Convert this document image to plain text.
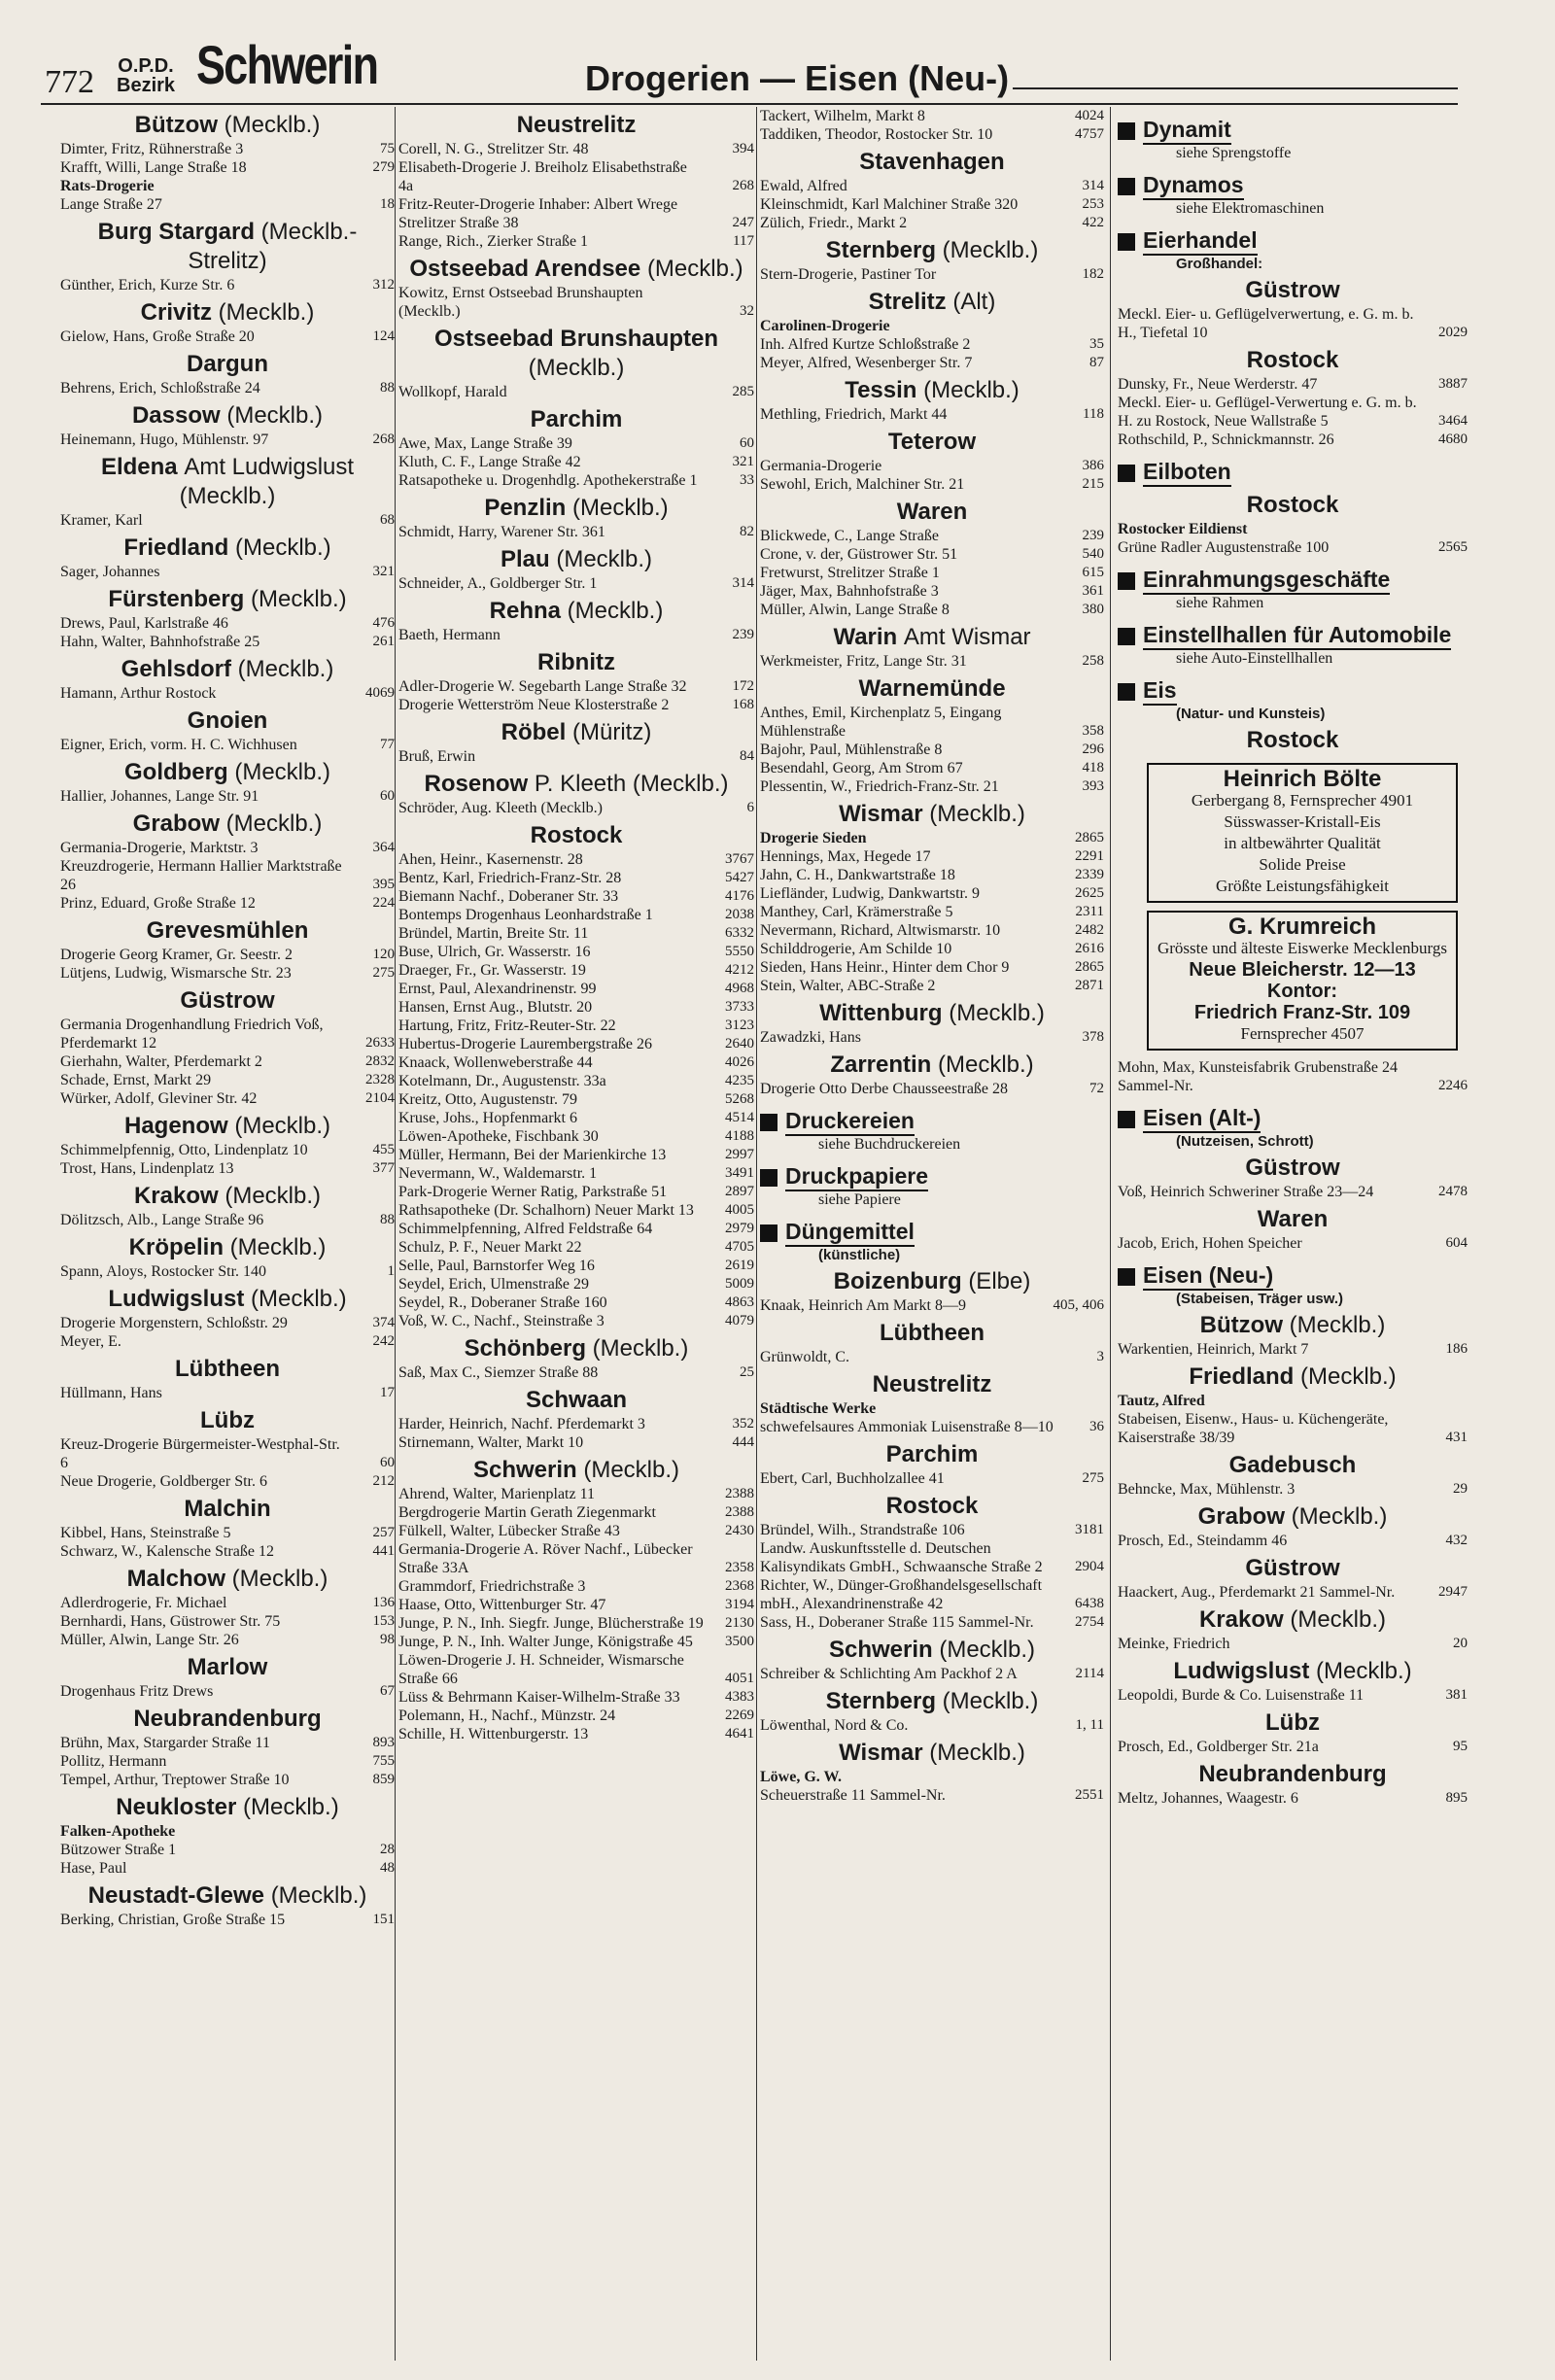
772 O.P.D.
Bezirk Schwerin	Drogerien — Eisen (Neu-)
Bützow (Mecklb.)
Dimter, Fritz, Rühnerstraße 3	75
Krafft, Willi, Lange Straße 18	279
Rats-Drogerie
Lange Straße 27	18
Burg Stargard (Mecklb.-Strelitz)
Günther, Erich, Kurze Str. 6	312
Crivitz (Mecklb.)
Gielow, Hans, Große Straße 20	124
Dargun
Behrens, Erich, Schloßstraße 24	88
Dassow (Mecklb.)
Heinemann, Hugo, Mühlenstr. 97	268
Eldena Amt Ludwigslust (Mecklb.)
Kramer, Karl	68
Friedland (Mecklb.)
Sager, Johannes	321
Fürstenberg (Mecklb.)
Drews, Paul, Karlstraße 46	476
Hahn, Walter, Bahnhofstraße 25	261
Gehlsdorf (Mecklb.)
Hamann, Arthur Rostock	4069
Gnoien
Eigner, Erich, vorm. H. C. Wichhusen	77
Goldberg (Mecklb.)
Hallier, Johannes, Lange Str. 91	60
Grabow (Mecklb.)
Germania-Drogerie, Marktstr. 3	364
Kreuzdrogerie, Hermann Hallier Marktstraße 26	395
Prinz, Eduard, Große Straße 12	224
Grevesmühlen
Drogerie Georg Kramer, Gr. Seestr. 2	120
Lütjens, Ludwig, Wismarsche Str. 23	275
Güstrow
Germania Drogenhandlung Friedrich Voß, Pferdemarkt 12	2633
Gierhahn, Walter, Pferdemarkt 2	2832
Schade, Ernst, Markt 29	2328
Würker, Adolf, Gleviner Str. 42	2104
Hagenow (Mecklb.)
Schimmelpfennig, Otto, Lindenplatz 10	455
Trost, Hans, Lindenplatz 13	377
Krakow (Mecklb.)
Dölitzsch, Alb., Lange Straße 96	88
Kröpelin (Mecklb.)
Spann, Aloys, Rostocker Str. 140	1
Ludwigslust (Mecklb.)
Drogerie Morgenstern, Schloßstr. 29	374
Meyer, E.	242
Lübtheen
Hüllmann, Hans	17
Lübz
Kreuz-Drogerie Bürgermeister-Westphal-Str. 6	60
Neue Drogerie, Goldberger Str. 6	212
Malchin
Kibbel, Hans, Steinstraße 5	257
Schwarz, W., Kalensche Straße 12	441
Malchow (Mecklb.)
Adlerdrogerie, Fr. Michael	136
Bernhardi, Hans, Güstrower Str. 75	153
Müller, Alwin, Lange Str. 26	98
Marlow
Drogenhaus Fritz Drews	67
Neubrandenburg
Brühn, Max, Stargarder Straße 11	893
Pollitz, Hermann	755
Tempel, Arthur, Treptower Straße 10	859
Neukloster (Mecklb.)
Falken-Apotheke
Bützower Straße 1	28
Hase, Paul	48
Neustadt-Glewe (Mecklb.)
Berking, Christian, Große Straße 15	151
Neustrelitz
Corell, N. G., Strelitzer Str. 48	394
Elisabeth-Drogerie J. Breiholz Elisabethstraße 4a	268
Fritz-Reuter-Drogerie Inhaber: Albert Wrege Strelitzer Straße 38	247
Range, Rich., Zierker Straße 1	117
Ostseebad Arendsee (Mecklb.)
Kowitz, Ernst Ostseebad Brunshaupten (Mecklb.)	32
Ostseebad Brunshaupten (Mecklb.)
Wollkopf, Harald	285
Parchim
Awe, Max, Lange Straße 39	60
Kluth, C. F., Lange Straße 42	321
Ratsapotheke u. Drogenhdlg. Apothekerstraße 1	33
Penzlin (Mecklb.)
Schmidt, Harry, Warener Str. 361	82
Plau (Mecklb.)
Schneider, A., Goldberger Str. 1	314
Rehna (Mecklb.)
Baeth, Hermann	239
Ribnitz
Adler-Drogerie W. Segebarth Lange Straße 32	172
Drogerie Wetterström Neue Klosterstraße 2	168
Röbel (Müritz)
Bruß, Erwin	84
Rosenow P. Kleeth (Mecklb.)
Schröder, Aug. Kleeth (Mecklb.)	6
Rostock
Ahen, Heinr., Kasernenstr. 28	3767
Bentz, Karl, Friedrich-Franz-Str. 28	5427
Biemann Nachf., Doberaner Str. 33	4176
Bontemps Drogenhaus Leonhardstraße 1	2038
Bründel, Martin, Breite Str. 11	6332
Buse, Ulrich, Gr. Wasserstr. 16	5550
Draeger, Fr., Gr. Wasserstr. 19	4212
Ernst, Paul, Alexandrinenstr. 99	4968
Hansen, Ernst Aug., Blutstr. 20	3733
Hartung, Fritz, Fritz-Reuter-Str. 22	3123
Hubertus-Drogerie Laurembergstraße 26	2640
Knaack, Wollenweberstraße 44	4026
Kotelmann, Dr., Augustenstr. 33a	4235
Kreitz, Otto, Augustenstr. 79	5268
Kruse, Johs., Hopfenmarkt 6	4514
Löwen-Apotheke, Fischbank 30	4188
Müller, Hermann, Bei der Marienkirche 13	2997
Nevermann, W., Waldemarstr. 1	3491
Park-Drogerie Werner Ratig, Parkstraße 51	2897
Rathsapotheke (Dr. Schalhorn) Neuer Markt 13	4005
Schimmelpfenning, Alfred Feldstraße 64	2979
Schulz, P. F., Neuer Markt 22	4705
Selle, Paul, Barnstorfer Weg 16	2619
Seydel, Erich, Ulmenstraße 29	5009
Seydel, R., Doberaner Straße 160	4863
Voß, W. C., Nachf., Steinstraße 3	4079
Schönberg (Mecklb.)
Saß, Max C., Siemzer Straße 88	25
Schwaan
Harder, Heinrich, Nachf. Pferdemarkt 3	352
Stirnemann, Walter, Markt 10	444
Schwerin (Mecklb.)
Ahrend, Walter, Marienplatz 11	2388
Bergdrogerie Martin Gerath Ziegenmarkt	2388
Fülkell, Walter, Lübecker Straße 43	2430
Germania-Drogerie A. Röver Nachf., Lübecker Straße 33A	2358
Grammdorf, Friedrichstraße 3	2368
Haase, Otto, Wittenburger Str. 47	3194
Junge, P. N., Inh. Siegfr. Junge, Blücherstraße 19	2130
Junge, P. N., Inh. Walter Junge, Königstraße 45	3500
Löwen-Drogerie J. H. Schneider, Wismarsche Straße 66	4051
Lüss & Behrmann Kaiser-Wilhelm-Straße 33	4383
Polemann, H., Nachf., Münzstr. 24	2269
Schille, H. Wittenburgerstr. 13	4641
Tackert, Wilhelm, Markt 8	4024
Taddiken, Theodor, Rostocker Str. 10	4757
Stavenhagen
Ewald, Alfred	314
Kleinschmidt, Karl Malchiner Straße 320	253
Zülich, Friedr., Markt 2	422
Sternberg (Mecklb.)
Stern-Drogerie, Pastiner Tor	182
Strelitz (Alt)
Carolinen-Drogerie
Inh. Alfred Kurtze Schloßstraße 2	35
Meyer, Alfred, Wesenberger Str. 7	87
Tessin (Mecklb.)
Methling, Friedrich, Markt 44	118
Teterow
Germania-Drogerie	386
Sewohl, Erich, Malchiner Str. 21	215
Waren
Blickwede, C., Lange Straße	239
Crone, v. der, Güstrower Str. 51	540
Fretwurst, Strelitzer Straße 1	615
Jäger, Max, Bahnhofstraße 3	361
Müller, Alwin, Lange Straße 8	380
Warin Amt Wismar
Werkmeister, Fritz, Lange Str. 31	258
Warnemünde
Anthes, Emil, Kirchenplatz 5, Eingang Mühlenstraße	358
Bajohr, Paul, Mühlenstraße 8	296
Besendahl, Georg, Am Strom 67	418
Plessentin, W., Friedrich-Franz-Str. 21	393
Wismar (Mecklb.)
Drogerie Sieden	2865
Hennings, Max, Hegede 17	2291
Jahn, C. H., Dankwartstraße 18	2339
Liefländer, Ludwig, Dankwartstr. 9	2625
Manthey, Carl, Krämerstraße 5	2311
Nevermann, Richard, Altwismarstr. 10	2482
Schilddrogerie, Am Schilde 10	2616
Sieden, Hans Heinr., Hinter dem Chor 9	2865
Stein, Walter, ABC-Straße 2	2871
Wittenburg (Mecklb.)
Zawadzki, Hans	378
Zarrentin (Mecklb.)
Drogerie Otto Derbe Chausseestraße 28	72
Druckereien
siehe Buchdruckereien
Druckpapiere
siehe Papiere
Düngemittel
(künstliche)
Boizenburg (Elbe)
Knaak, Heinrich Am Markt 8—9	405, 406
Lübtheen
Grünwoldt, C.	3
Neustrelitz
Städtische Werke
schwefelsaures Ammoniak Luisenstraße 8—10	36
Parchim
Ebert, Carl, Buchholzallee 41	275
Rostock
Bründel, Wilh., Strandstraße 106	3181
Landw. Auskunftsstelle d. Deutschen Kalisyndikats GmbH., Schwaansche Straße 2	2904
Richter, W., Dünger-Großhandelsgesellschaft mbH., Alexandrinenstraße 42	6438
Sass, H., Doberaner Straße 115 Sammel-Nr.	2754
Schwerin (Mecklb.)
Schreiber & Schlichting Am Packhof 2 A	2114
Sternberg (Mecklb.)
Löwenthal, Nord & Co.	1, 11
Wismar (Mecklb.)
Löwe, G. W.
Scheuerstraße 11 Sammel-Nr.	2551
Dynamit
siehe Sprengstoffe
Dynamos
siehe Elektromaschinen
Eierhandel
Großhandel:
Güstrow
Meckl. Eier- u. Geflügelverwertung, e. G. m. b. H., Tiefetal 10	2029
Rostock
Dunsky, Fr., Neue Werderstr. 47	3887
Meckl. Eier- u. Geflügel-Verwertung e. G. m. b. H. zu Rostock, Neue Wallstraße 5	3464
Rothschild, P., Schnickmannstr. 26	4680
Eilboten
Rostock
Rostocker Eildienst
Grüne Radler Augustenstraße 100	2565
Einrahmungsgeschäfte
siehe Rahmen
Einstellhallen für Automobile
siehe Auto-Einstellhallen
Eis
(Natur- und Kunsteis)
Rostock
Heinrich Bölte
Gerbergang 8, Fernsprecher 4901
Süsswasser-Kristall-Eis
in altbewährter Qualität
Solide Preise
Größte Leistungsfähigkeit
G. Krumreich
Grösste und älteste Eiswerke Mecklenburgs
Neue Bleicherstr. 12—13
Kontor:
Friedrich Franz-Str. 109
Fernsprecher 4507
Mohn, Max, Kunsteisfabrik Grubenstraße 24 Sammel-Nr.	2246
Eisen (Alt-)
(Nutzeisen, Schrott)
Güstrow
Voß, Heinrich Schweriner Straße 23—24	2478
Waren
Jacob, Erich, Hohen Speicher	604
Eisen (Neu-)
(Stabeisen, Träger usw.)
Bützow (Mecklb.)
Warkentien, Heinrich, Markt 7	186
Friedland (Mecklb.)
Tautz, Alfred
Stabeisen, Eisenw., Haus- u. Küchengeräte, Kaiserstraße 38/39	431
Gadebusch
Behncke, Max, Mühlenstr. 3	29
Grabow (Mecklb.)
Prosch, Ed., Steindamm 46	432
Güstrow
Haackert, Aug., Pferdemarkt 21 Sammel-Nr.	2947
Krakow (Mecklb.)
Meinke, Friedrich	20
Ludwigslust (Mecklb.)
Leopoldi, Burde & Co. Luisenstraße 11	381
Lübz
Prosch, Ed., Goldberger Str. 21a	95
Neubrandenburg
Meltz, Johannes, Waagestr. 6	895
